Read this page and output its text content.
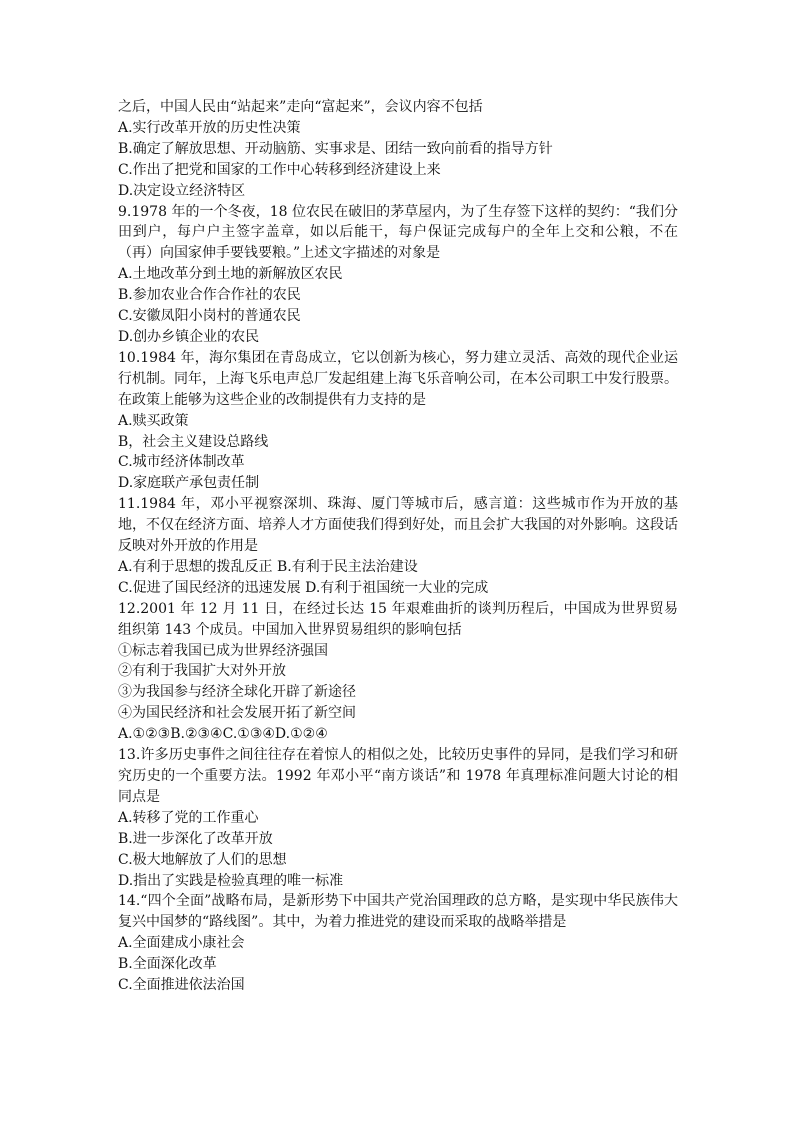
之后，中国人民由“站起来”走向“富起来”，会议内容不包括

A.实行改革开放的历史性决策

B.确定了解放思想、开动脑筋、实事求是、团结一致向前看的指导方针

C.作出了把党和国家的工作中心转移到经济建设上来

D.决定设立经济特区

9.1978 年的一个冬夜，18 位农民在破旧的茅草屋内，为了生存签下这样的契约：“我们分田到户，每户户主签字盖章，如以后能干，每户保证完成每户的全年上交和公粮，不在（再）向国家伸手要钱要粮。”上述文字描述的对象是

A.土地改革分到土地的新解放区农民

B.参加农业合作合作社的农民

C.安徽凤阳小岗村的普通农民

D.创办乡镇企业的农民

10.1984 年，海尔集团在青岛成立，它以创新为核心，努力建立灵活、高效的现代企业运行机制。同年，上海飞乐电声总厂发起组建上海飞乐音响公司，在本公司职工中发行股票。在政策上能够为这些企业的改制提供有力支持的是

A.赎买政策

B，社会主义建设总路线

C.城市经济体制改革

D.家庭联产承包责任制

11.1984 年，邓小平视察深圳、珠海、厦门等城市后，感言道：这些城市作为开放的基地，不仅在经济方面、培养人才方面使我们得到好处，而且会扩大我国的对外影响。这段话反映对外开放的作用是

A.有利于思想的拨乱反正 B.有利于民主法治建设

C.促进了国民经济的迅速发展 D.有利于祖国统一大业的完成

12.2001 年 12 月 11 日，在经过长达 15 年艰难曲折的谈判历程后，中国成为世界贸易组织第 143 个成员。中国加入世界贸易组织的影响包括

①标志着我国已成为世界经济强国

②有利于我国扩大对外开放

③为我国参与经济全球化开辟了新途径

④为国民经济和社会发展开拓了新空间

A.①②③B.②③④C.①③④D.①②④

13.许多历史事件之间往往存在着惊人的相似之处，比较历史事件的异同，是我们学习和研究历史的一个重要方法。1992 年邓小平“南方谈话”和 1978 年真理标准问题大讨论的相同点是

A.转移了党的工作重心

B.进一步深化了改革开放

C.极大地解放了人们的思想

D.指出了实践是检验真理的唯一标准

14.“四个全面”战略布局，是新形势下中国共产党治国理政的总方略，是实现中华民族伟大复兴中国梦的“路线图”。其中，为着力推进党的建设而采取的战略举措是

A.全面建成小康社会

B.全面深化改革

C.全面推进依法治国
